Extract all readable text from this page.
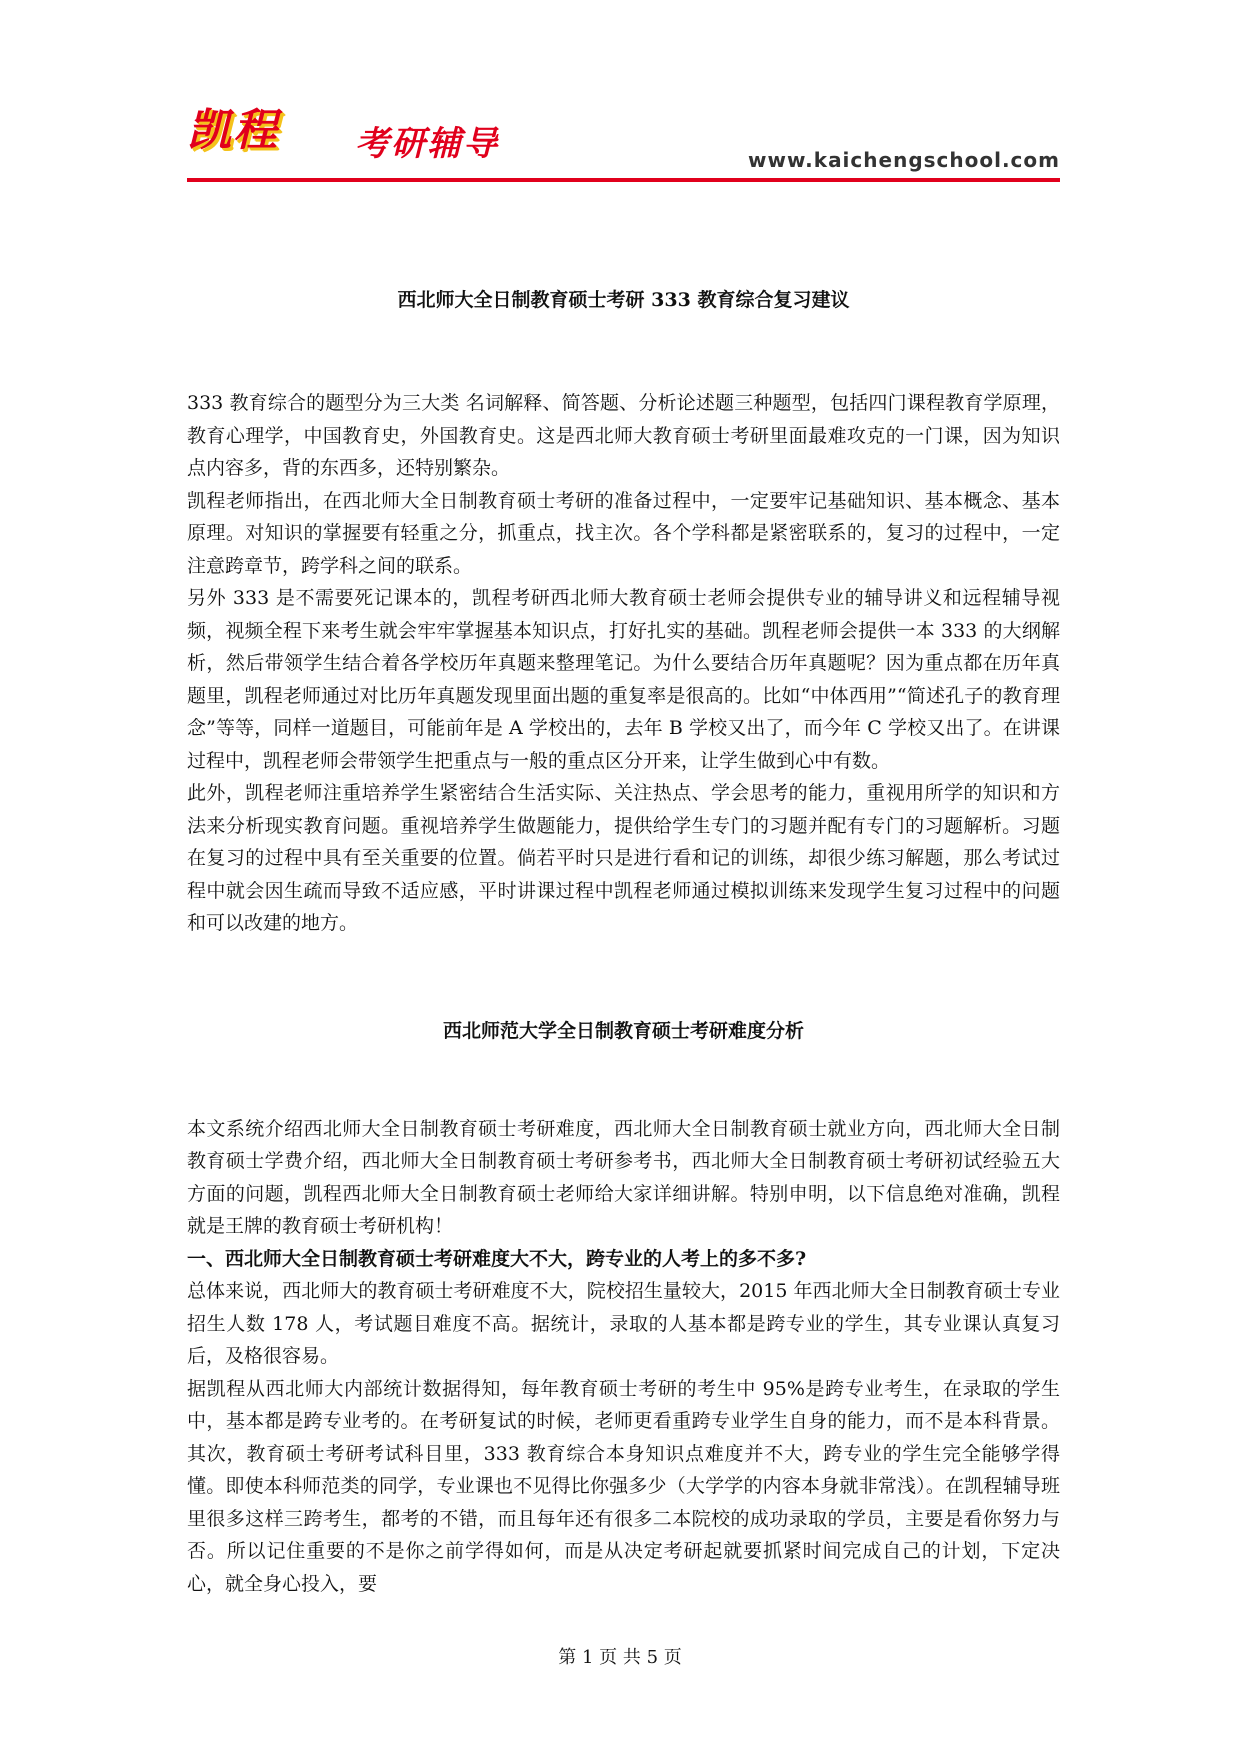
凯程 考研辅导	www.kaichengschool.com
西北师大全日制教育硕士考研 333 教育综合复习建议

333 教育综合的题型分为三大类 名词解释、简答题、分析论述题三种题型，包括四门课程教育学原理，教育心理学，中国教育史，外国教育史。这是西北师大教育硕士考研里面最难攻克的一门课，因为知识点内容多，背的东西多，还特别繁杂。

凯程老师指出，在西北师大全日制教育硕士考研的准备过程中，一定要牢记基础知识、基本概念、基本原理。对知识的掌握要有轻重之分，抓重点，找主次。各个学科都是紧密联系的，复习的过程中，一定注意跨章节，跨学科之间的联系。

另外 333 是不需要死记课本的，凯程考研西北师大教育硕士老师会提供专业的辅导讲义和远程辅导视频，视频全程下来考生就会牢牢掌握基本知识点，打好扎实的基础。凯程老师会提供一本 333 的大纲解析，然后带领学生结合着各学校历年真题来整理笔记。为什么要结合历年真题呢？因为重点都在历年真题里，凯程老师通过对比历年真题发现里面出题的重复率是很高的。比如“中体西用”“简述孔子的教育理念”等等，同样一道题目，可能前年是 A 学校出的，去年 B 学校又出了，而今年 C 学校又出了。在讲课过程中，凯程老师会带领学生把重点与一般的重点区分开来，让学生做到心中有数。

此外，凯程老师注重培养学生紧密结合生活实际、关注热点、学会思考的能力，重视用所学的知识和方法来分析现实教育问题。重视培养学生做题能力，提供给学生专门的习题并配有专门的习题解析。习题在复习的过程中具有至关重要的位置。倘若平时只是进行看和记的训练，却很少练习解题，那么考试过程中就会因生疏而导致不适应感，平时讲课过程中凯程老师通过模拟训练来发现学生复习过程中的问题和可以改建的地方。

西北师范大学全日制教育硕士考研难度分析

本文系统介绍西北师大全日制教育硕士考研难度，西北师大全日制教育硕士就业方向，西北师大全日制教育硕士学费介绍，西北师大全日制教育硕士考研参考书，西北师大全日制教育硕士考研初试经验五大方面的问题，凯程西北师大全日制教育硕士老师给大家详细讲解。特别申明，以下信息绝对准确，凯程就是王牌的教育硕士考研机构！

一、西北师大全日制教育硕士考研难度大不大，跨专业的人考上的多不多?

总体来说，西北师大的教育硕士考研难度不大，院校招生量较大，2015 年西北师大全日制教育硕士专业招生人数 178 人，考试题目难度不高。据统计，录取的人基本都是跨专业的学生，其专业课认真复习后，及格很容易。

据凯程从西北师大内部统计数据得知，每年教育硕士考研的考生中 95%是跨专业考生，在录取的学生中，基本都是跨专业考的。在考研复试的时候，老师更看重跨专业学生自身的能力，而不是本科背景。其次，教育硕士考研考试科目里，333 教育综合本身知识点难度并不大，跨专业的学生完全能够学得懂。即使本科师范类的同学，专业课也不见得比你强多少（大学学的内容本身就非常浅）。在凯程辅导班里很多这样三跨考生，都考的不错，而且每年还有很多二本院校的成功录取的学员，主要是看你努力与否。所以记住重要的不是你之前学得如何，而是从决定考研起就要抓紧时间完成自己的计划，下定决心，就全身心投入，要

第 1 页 共 5 页
